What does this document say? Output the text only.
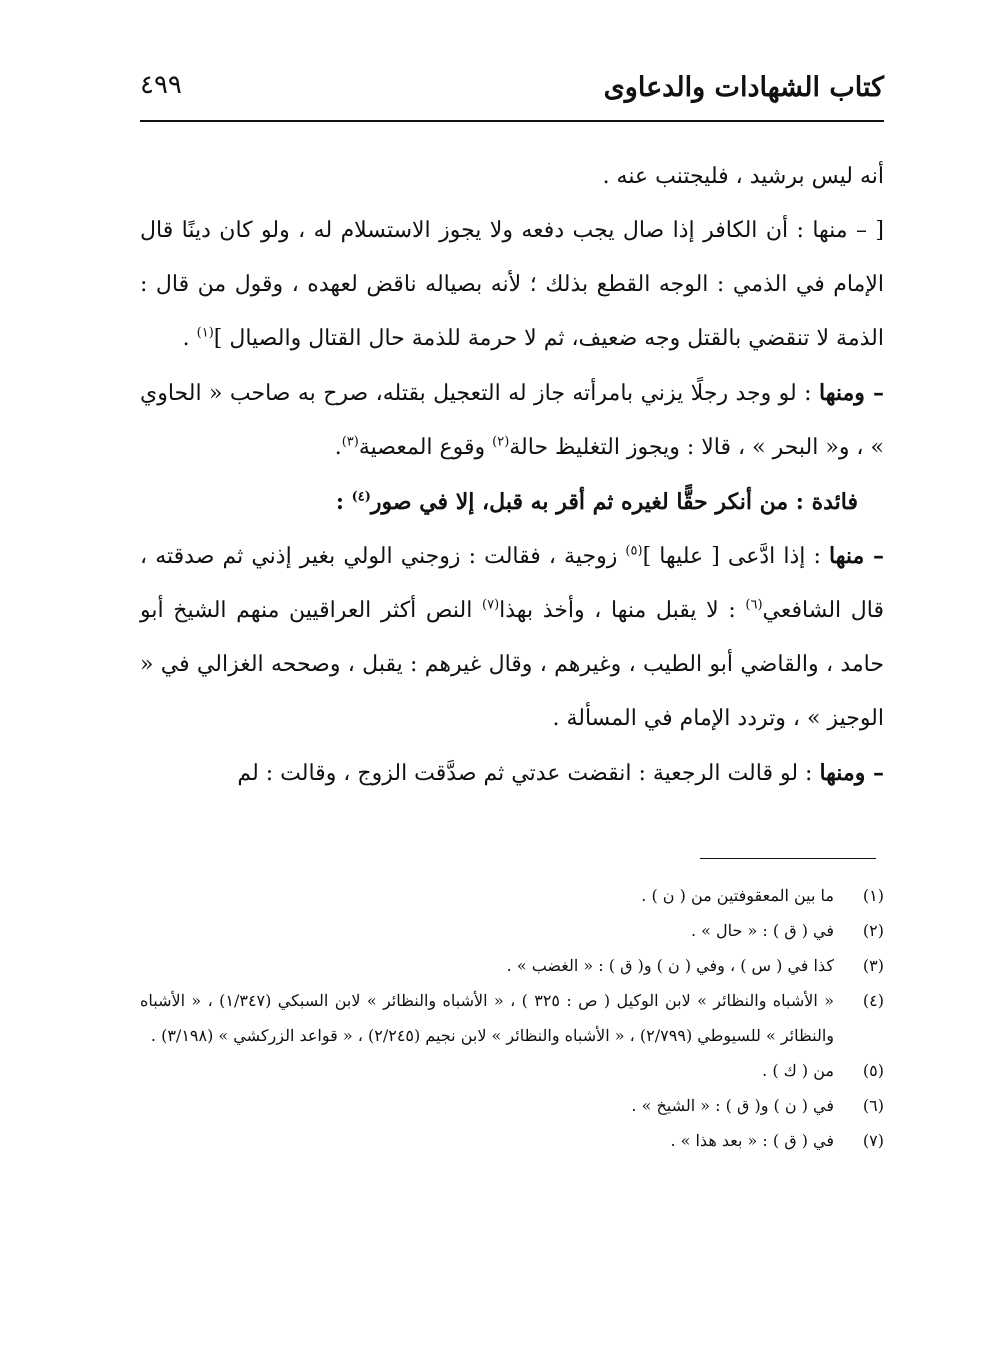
كتاب الشهادات والدعاوى
٤٩٩

أنه ليس برشيد ، فليجتنب عنه .

[ – منها : أن الكافر إذا صال يجب دفعه ولا يجوز الاستسلام له ، ولو كان دينًا قال الإمام في الذمي : الوجه القطع بذلك ؛ لأنه بصياله ناقض لعهده ، وقول من قال : الذمة لا تنقضي بالقتل وجه ضعيف، ثم لا حرمة للذمة حال القتال والصيال ]$^{(١)}$ .

– ومنها : لو وجد رجلًا يزني بامرأته جاز له التعجيل بقتله، صرح به صاحب « الحاوي » ، و« البحر » ، قالا : ويجوز التغليظ حالة$^{(٢)}$ وقوع المعصية$^{(٣)}$.

فائدة : من أنكر حقًّا لغيره ثم أقر به قبل، إلا في صور$^{(٤)}$ :

– منها : إذا ادَّعى [ عليها ]$^{(٥)}$ زوجية ، فقالت : زوجني الولي بغير إذني ثم صدقته ، قال الشافعي$^{(٦)}$ : لا يقبل منها ، وأخذ بهذا$^{(٧)}$ النص أكثر العراقيين منهم الشيخ أبو حامد ، والقاضي أبو الطيب ، وغيرهم ، وقال غيرهم : يقبل ، وصححه الغزالي في « الوجيز » ، وتردد الإمام في المسألة .

– ومنها : لو قالت الرجعية : انقضت عدتي ثم صدَّقت الزوج ، وقالت : لم

(١)
ما بين المعقوفتين من ( ن ) .
(٢)
في ( ق ) : « حال » .
(٣)
كذا في ( س ) ، وفي ( ن ) و( ق ) : « الغضب » .
(٤)
« الأشباه والنظائر » لابن الوكيل ( ص : ٣٢٥ ) ، « الأشباه والنظائر » لابن السبكي (١/٣٤٧) ، « الأشباه والنظائر » للسيوطي (٢/٧٩٩) ، « الأشباه والنظائر » لابن نجيم (٢/٢٤٥) ، « قواعد الزركشي » (٣/١٩٨) .
(٥)
من ( ك ) .
(٦)
في ( ن ) و( ق ) : « الشيخ » .
(٧)
في ( ق ) : « بعد هذا » .
